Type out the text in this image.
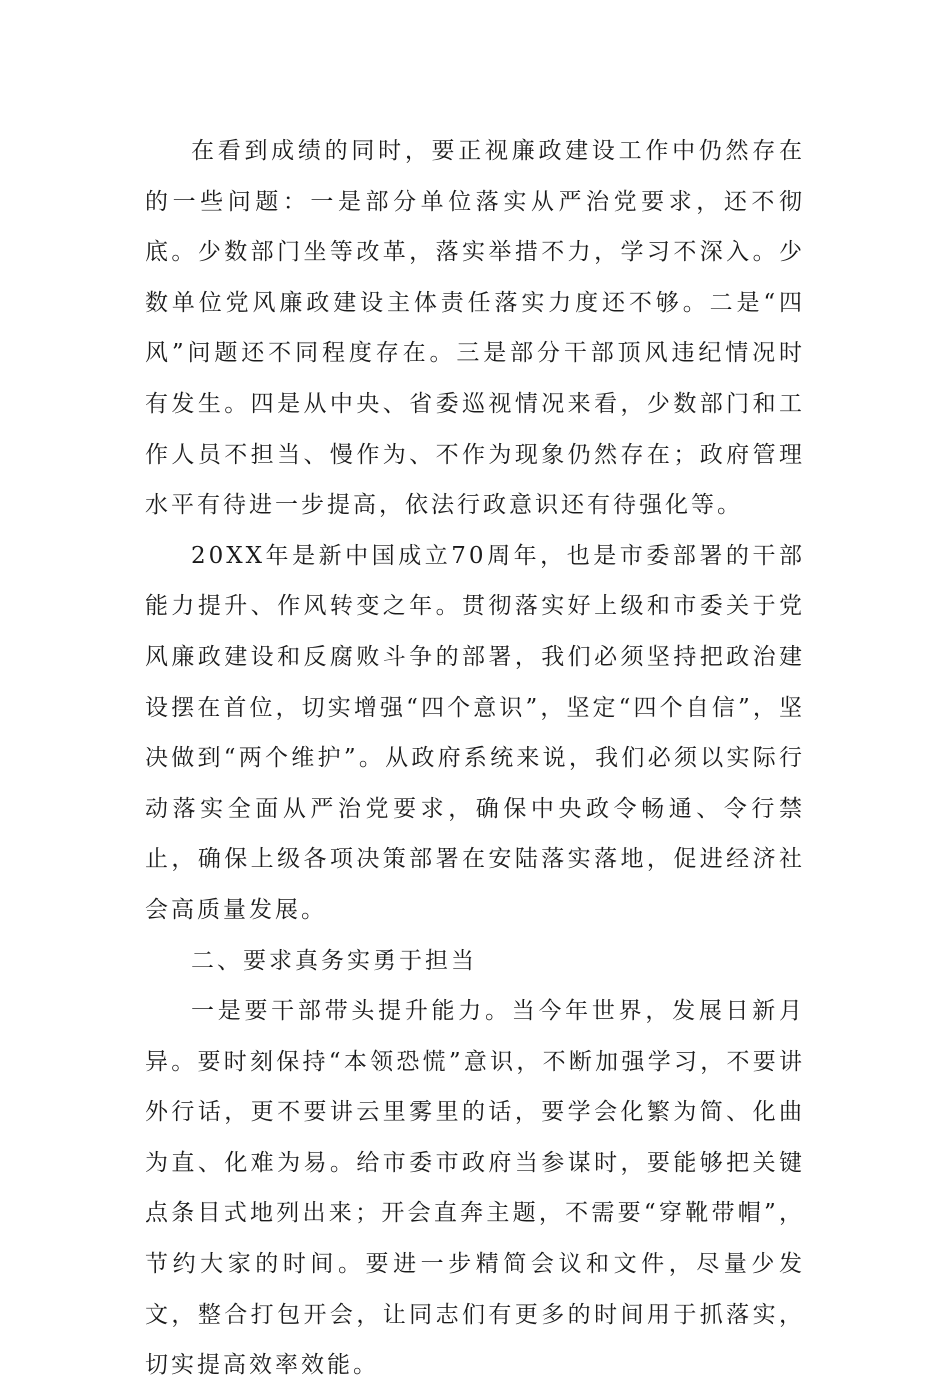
在看到成绩的同时，要正视廉政建设工作中仍然存在的一些问题：一是部分单位落实从严治党要求，还不彻底。少数部门坐等改革，落实举措不力，学习不深入。少数单位党风廉政建设主体责任落实力度还不够。二是“四风”问题还不同程度存在。三是部分干部顶风违纪情况时有发生。四是从中央、省委巡视情况来看，少数部门和工作人员不担当、慢作为、不作为现象仍然存在；政府管理水平有待进一步提高，依法行政意识还有待强化等。

20XX年是新中国成立70周年，也是市委部署的干部能力提升、作风转变之年。贯彻落实好上级和市委关于党风廉政建设和反腐败斗争的部署，我们必须坚持把政治建设摆在首位，切实增强“四个意识”，坚定“四个自信”，坚决做到“两个维护”。从政府系统来说，我们必须以实际行动落实全面从严治党要求，确保中央政令畅通、令行禁止，确保上级各项决策部署在安陆落实落地，促进经济社会高质量发展。

二、要求真务实勇于担当

一是要干部带头提升能力。当今年世界，发展日新月异。要时刻保持“本领恐慌”意识，不断加强学习，不要讲外行话，更不要讲云里雾里的话，要学会化繁为简、化曲为直、化难为易。给市委市政府当参谋时，要能够把关键点条目式地列出来；开会直奔主题，不需要“穿靴带帽”，节约大家的时间。要进一步精简会议和文件，尽量少发文，整合打包开会，让同志们有更多的时间用于抓落实，切实提高效率效能。
